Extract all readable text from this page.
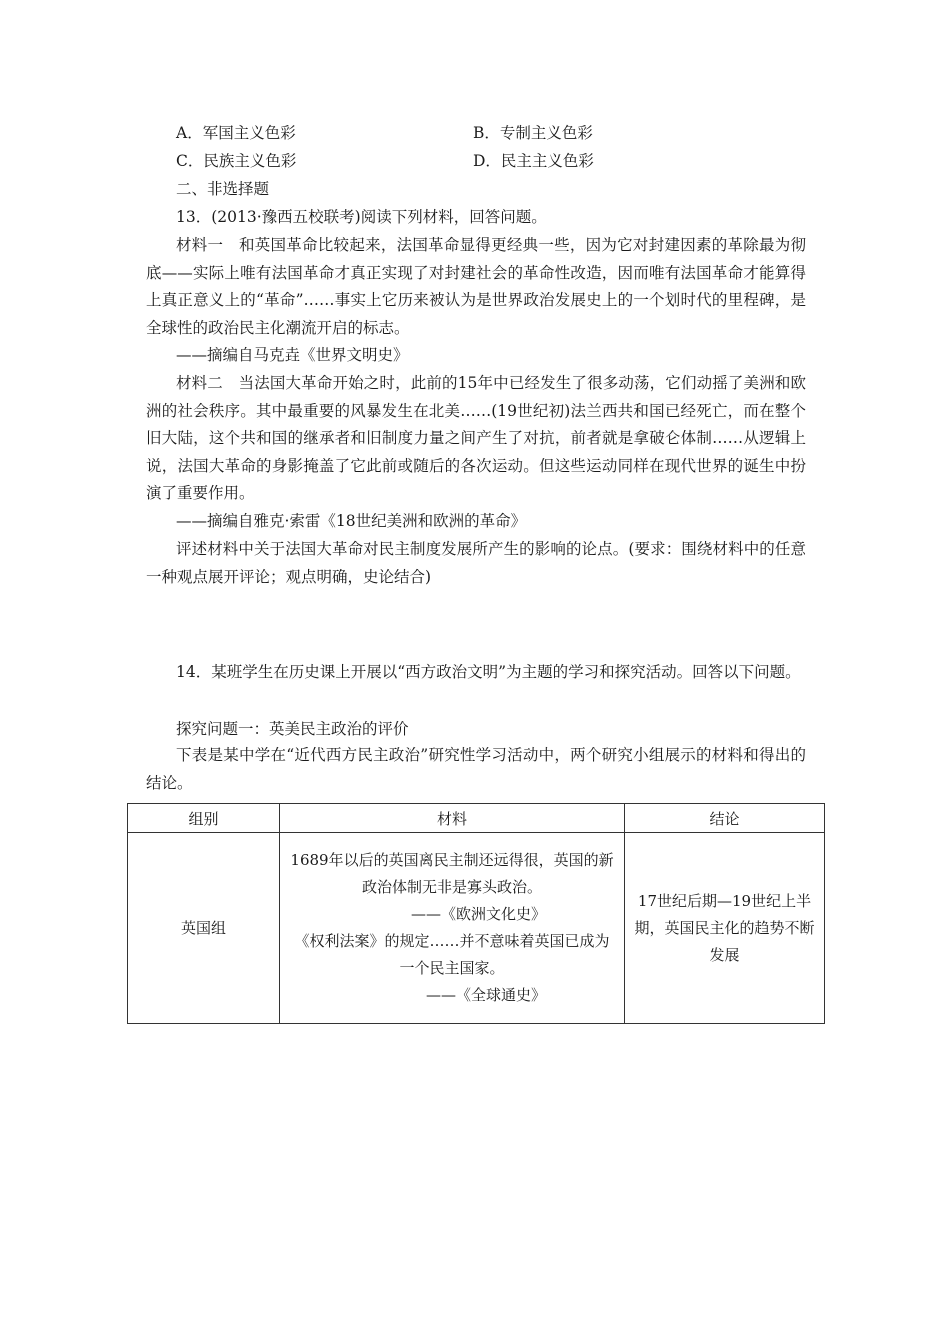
A．军国主义色彩	B．专制主义色彩
C．民族主义色彩	D．民主主义色彩
二、非选择题
13．(2013·豫西五校联考)阅读下列材料，回答问题。
材料一　和英国革命比较起来，法国革命显得更经典一些，因为它对封建因素的革除最为彻底——实际上唯有法国革命才真正实现了对封建社会的革命性改造，因而唯有法国革命才能算得上真正意义上的“革命”……事实上它历来被认为是世界政治发展史上的一个划时代的里程碑，是全球性的政治民主化潮流开启的标志。
——摘编自马克垚《世界文明史》
材料二　当法国大革命开始之时，此前的15年中已经发生了很多动荡，它们动摇了美洲和欧洲的社会秩序。其中最重要的风暴发生在北美……(19世纪初)法兰西共和国已经死亡，而在整个旧大陆，这个共和国的继承者和旧制度力量之间产生了对抗，前者就是拿破仑体制……从逻辑上说，法国大革命的身影掩盖了它此前或随后的各次运动。但这些运动同样在现代世界的诞生中扮演了重要作用。
——摘编自雅克·索雷《18世纪美洲和欧洲的革命》
评述材料中关于法国大革命对民主制度发展所产生的影响的论点。(要求：围绕材料中的任意一种观点展开评论；观点明确，史论结合)
14．某班学生在历史课上开展以“西方政治文明”为主题的学习和探究活动。回答以下问题。
探究问题一：英美民主政治的评价
下表是某中学在“近代西方民主政治”研究性学习活动中，两个研究小组展示的材料和得出的结论。
组别	材料	结论
英国组	1689年以后的英国离民主制还远得很，英国的新政治体制无非是寡头政治。
——《欧洲文化史》
《权利法案》的规定……并不意味着英国已成为一个民主国家。
——《全球通史》	17世纪后期—19世纪上半期，英国民主化的趋势不断发展
